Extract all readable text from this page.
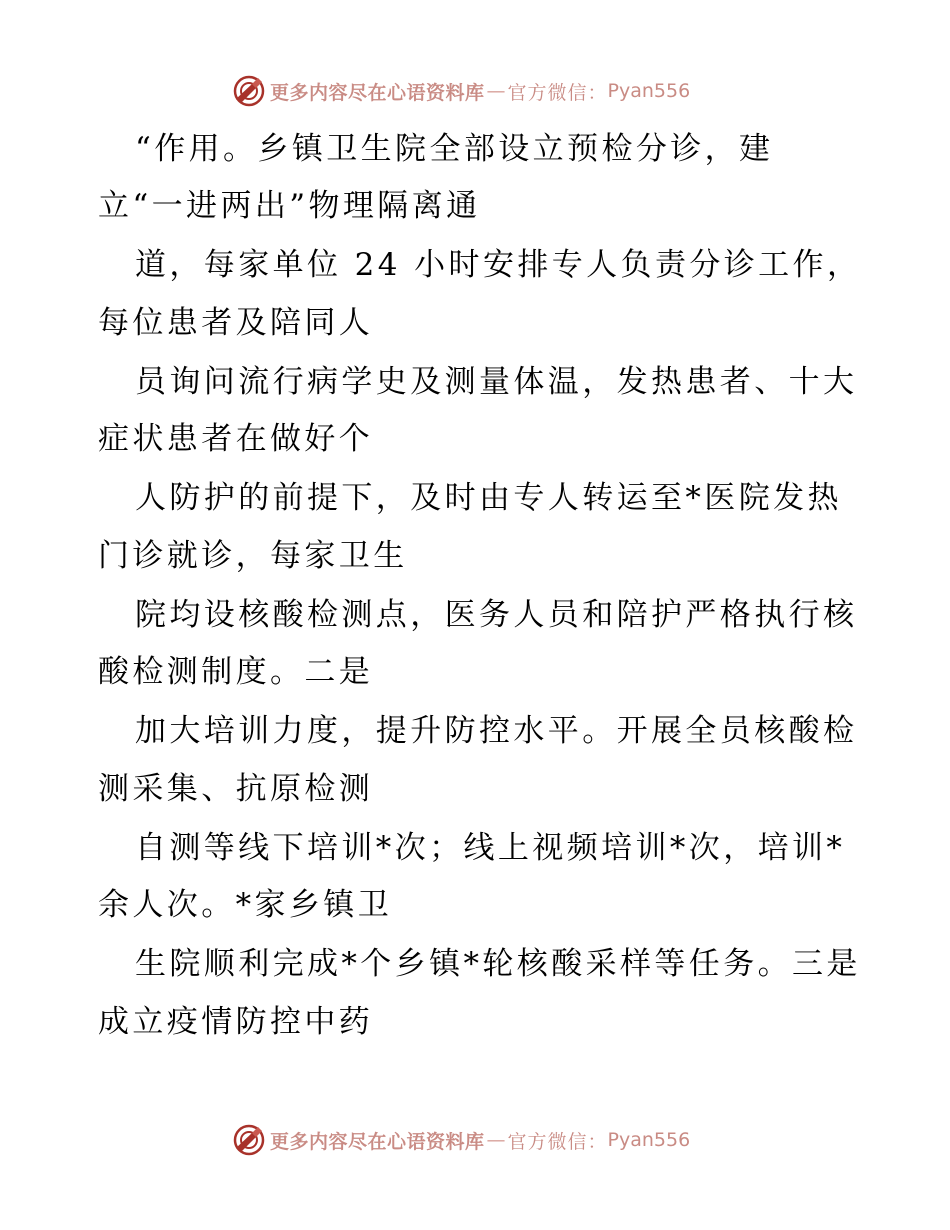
更多内容尽在心语资料库 — 官方微信： Pyan556
“作用。乡镇卫生院全部设立预检分诊，建
立“一进两出”物理隔离通
道，每家单位 24 小时安排专人负责分诊工作，
每位患者及陪同人
员询问流行病学史及测量体温，发热患者、十大
症状患者在做好个
人防护的前提下，及时由专人转运至*医院发热
门诊就诊，每家卫生
院均设核酸检测点，医务人员和陪护严格执行核
酸检测制度。二是
加大培训力度，提升防控水平。开展全员核酸检
测采集、抗原检测
自测等线下培训*次；线上视频培训*次，培训*
余人次。*家乡镇卫
生院顺利完成*个乡镇*轮核酸采样等任务。三是
成立疫情防控中药
更多内容尽在心语资料库 — 官方微信： Pyan556
